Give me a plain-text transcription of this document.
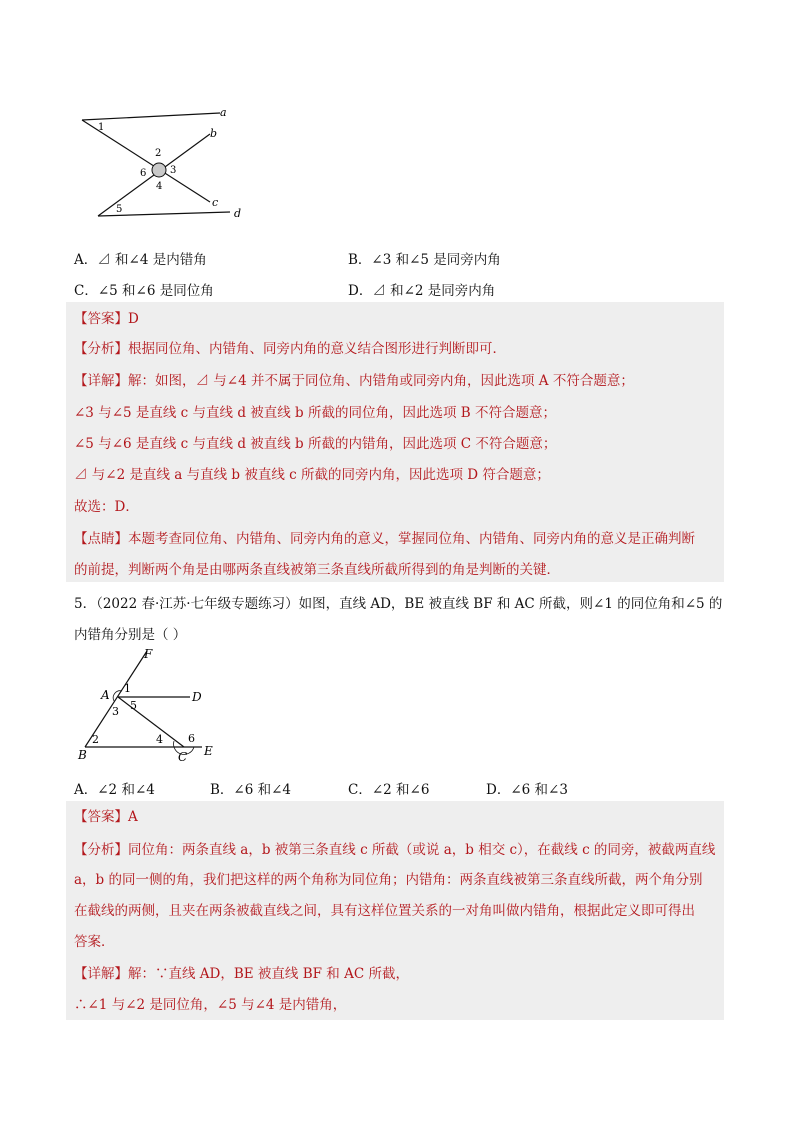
a
b
c
d
1
2
3
4
5
6
A．⊿ 和∠4 是内错角	B．∠3 和∠5 是同旁内角
C．∠5 和∠6 是同位角	D．⊿ 和∠2 是同旁内角
【答案】D
【分析】根据同位角、内错角、同旁内角的意义结合图形进行判断即可．
【详解】解：如图，⊿ 与∠4 并不属于同位角、内错角或同旁内角，因此选项 A 不符合题意；
∠3 与∠5 是直线 c 与直线 d 被直线 b 所截的同位角，因此选项 B 不符合题意；
∠5 与∠6 是直线 c 与直线 d 被直线 b 所截的内错角，因此选项 C 不符合题意；
⊿ 与∠2 是直线 a 与直线 b 被直线 c 所截的同旁内角，因此选项 D 符合题意；
故选：D．
【点睛】本题考查同位角、内错角、同旁内角的意义，掌握同位角、内错角、同旁内角的意义是正确判断
的前提，判断两个角是由哪两条直线被第三条直线所截所得到的角是判断的关键．
5．（2022 春·江苏·七年级专题练习）如图，直线 AD，BE 被直线 BF 和 AC 所截，则∠1 的同位角和∠5 的
内错角分别是（ ）
F
A	D
B	C E
1
2
3
4
5
6
A．∠2 和∠4	B．∠6 和∠4	C．∠2 和∠6	D．∠6 和∠3
【答案】A
【分析】同位角：两条直线 a，b 被第三条直线 c 所截（或说 a，b 相交 c），在截线 c 的同旁，被截两直线
a，b 的同一侧的角，我们把这样的两个角称为同位角；内错角：两条直线被第三条直线所截，两个角分别
在截线的两侧，且夹在两条被截直线之间，具有这样位置关系的一对角叫做内错角，根据此定义即可得出
答案．
【详解】解：∵直线 AD，BE 被直线 BF 和 AC 所截，
∴∠1 与∠2 是同位角，∠5 与∠4 是内错角，
